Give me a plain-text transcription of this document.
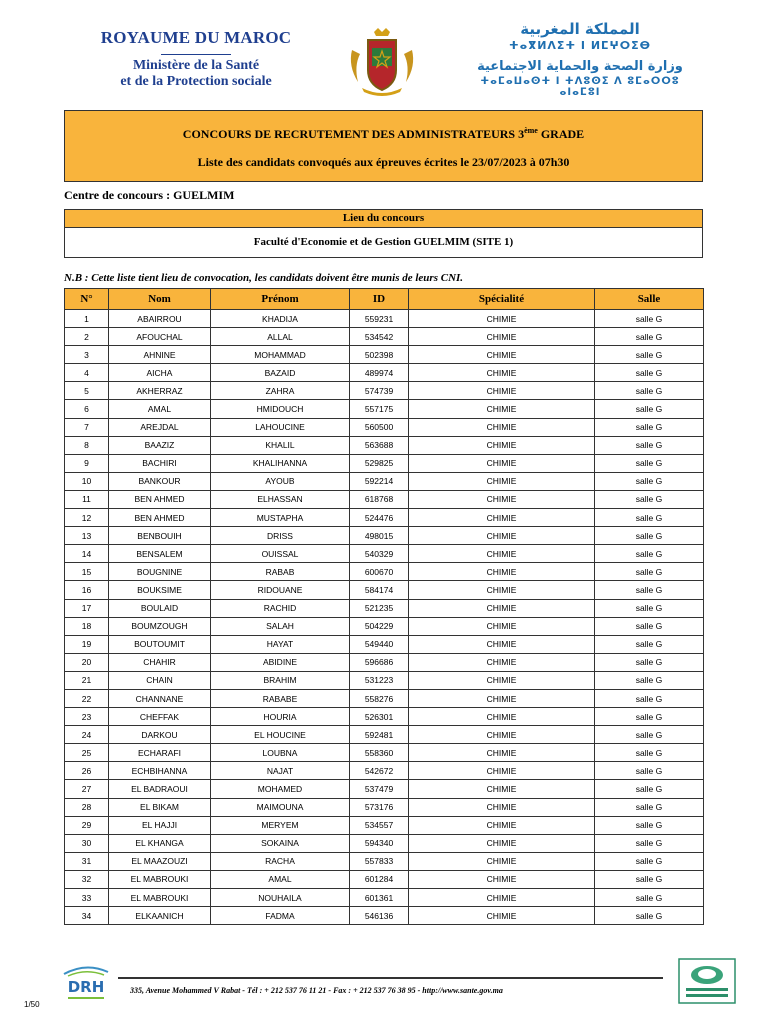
ROYAUME DU MAROC
Ministère de la Santé
et de la Protection sociale
المملكة المغربية
ⵜⴰⴳⵍⴷⵉⵜ ⵏ ⵍⵎⵖⵔⵉⴱ
وزارة الصحة والحماية الاجتماعية
ⵜⴰⵎⴰⵡⴰⵙⵜ ⵏ ⵜⴷⵓⵙⵉ ⴷ ⵓⵎⴰⵔⵔⵓ ⴰⵏⴰⵎⵓⵏ
CONCOURS DE RECRUTEMENT DES ADMINISTRATEURS 3ème GRADE
Liste des candidats convoqués aux épreuves écrites le 23/07/2023 à 07h30
Centre de concours : GUELMIM
Lieu du concours
Faculté d'Economie et de Gestion GUELMIM (SITE 1)
N.B : Cette liste tient lieu de convocation, les candidats doivent être munis de leurs CNI.
N°	Nom	Prénom	ID	Spécialité	Salle
1	ABAIRROU	KHADIJA	559231	CHIMIE	salle G
2	AFOUCHAL	ALLAL	534542	CHIMIE	salle G
3	AHNINE	MOHAMMAD	502398	CHIMIE	salle G
4	AICHA	BAZAID	489974	CHIMIE	salle G
5	AKHERRAZ	ZAHRA	574739	CHIMIE	salle G
6	AMAL	HMIDOUCH	557175	CHIMIE	salle G
7	AREJDAL	LAHOUCINE	560500	CHIMIE	salle G
8	BAAZIZ	KHALIL	563688	CHIMIE	salle G
9	BACHIRI	KHALIHANNA	529825	CHIMIE	salle G
10	BANKOUR	AYOUB	592214	CHIMIE	salle G
11	BEN AHMED	ELHASSAN	618768	CHIMIE	salle G
12	BEN AHMED	MUSTAPHA	524476	CHIMIE	salle G
13	BENBOUIH	DRISS	498015	CHIMIE	salle G
14	BENSALEM	OUISSAL	540329	CHIMIE	salle G
15	BOUGNINE	RABAB	600670	CHIMIE	salle G
16	BOUKSIME	RIDOUANE	584174	CHIMIE	salle G
17	BOULAID	RACHID	521235	CHIMIE	salle G
18	BOUMZOUGH	SALAH	504229	CHIMIE	salle G
19	BOUTOUMIT	HAYAT	549440	CHIMIE	salle G
20	CHAHIR	ABIDINE	596686	CHIMIE	salle G
21	CHAIN	BRAHIM	531223	CHIMIE	salle G
22	CHANNANE	RABABE	558276	CHIMIE	salle G
23	CHEFFAK	HOURIA	526301	CHIMIE	salle G
24	DARKOU	EL HOUCINE	592481	CHIMIE	salle G
25	ECHARAFI	LOUBNA	558360	CHIMIE	salle G
26	ECHBIHANNA	NAJAT	542672	CHIMIE	salle G
27	EL BADRAOUI	MOHAMED	537479	CHIMIE	salle G
28	EL BIKAM	MAIMOUNA	573176	CHIMIE	salle G
29	EL HAJJI	MERYEM	534557	CHIMIE	salle G
30	EL KHANGA	SOKAINA	594340	CHIMIE	salle G
31	EL MAAZOUZI	RACHA	557833	CHIMIE	salle G
32	EL MABROUKI	AMAL	601284	CHIMIE	salle G
33	EL MABROUKI	NOUHAILA	601361	CHIMIE	salle G
34	ELKAANICH	FADMA	546136	CHIMIE	salle G
DRH	335, Avenue Mohammed V Rabat - Tél : + 212 537 76 11 21 - Fax : + 212 537 76 38 95 - http://www.sante.gov.ma
1/50
